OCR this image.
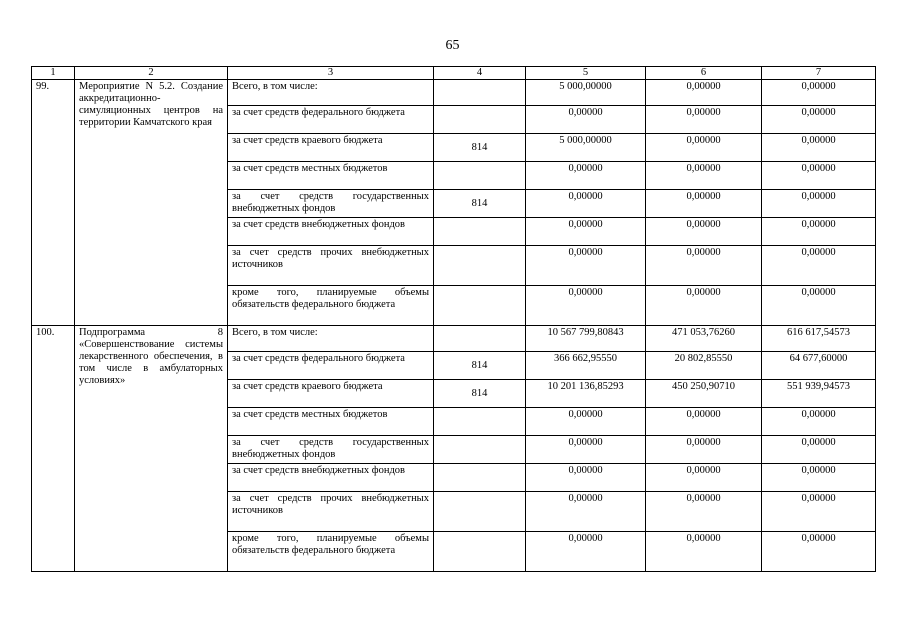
65
1	2	3	4	5	6	7
99.	Мероприятие N 5.2. Создание аккредитационно-симуляционных центров на территории Камчатского края	Всего, в том числе:		5 000,00000	0,00000	0,00000
		за счет средств федерального бюджета		0,00000	0,00000	0,00000
		за счет средств краевого бюджета	814	5 000,00000	0,00000	0,00000
		за счет средств местных бюджетов		0,00000	0,00000	0,00000
		за счет средств государственных внебюджетных фондов	814	0,00000	0,00000	0,00000
		за счет средств внебюджетных фондов		0,00000	0,00000	0,00000
		за счет средств прочих внебюджетных источников		0,00000	0,00000	0,00000
		кроме того, планируемые объемы обязательств федерального бюджета		0,00000	0,00000	0,00000
100.	Подпрограмма 8 «Совершенствование системы лекарственного обеспечения, в том числе в амбулаторных условиях»	Всего, в том числе:		10 567 799,80843	471 053,76260	616 617,54573
		за счет средств федерального бюджета	814	366 662,95550	20 802,85550	64 677,60000
		за счет средств краевого бюджета	814	10 201 136,85293	450 250,90710	551 939,94573
		за счет средств местных бюджетов		0,00000	0,00000	0,00000
		за счет средств государственных внебюджетных фондов		0,00000	0,00000	0,00000
		за счет средств внебюджетных фондов		0,00000	0,00000	0,00000
		за счет средств прочих внебюджетных источников		0,00000	0,00000	0,00000
		кроме того, планируемые объемы обязательств федерального бюджета		0,00000	0,00000	0,00000
